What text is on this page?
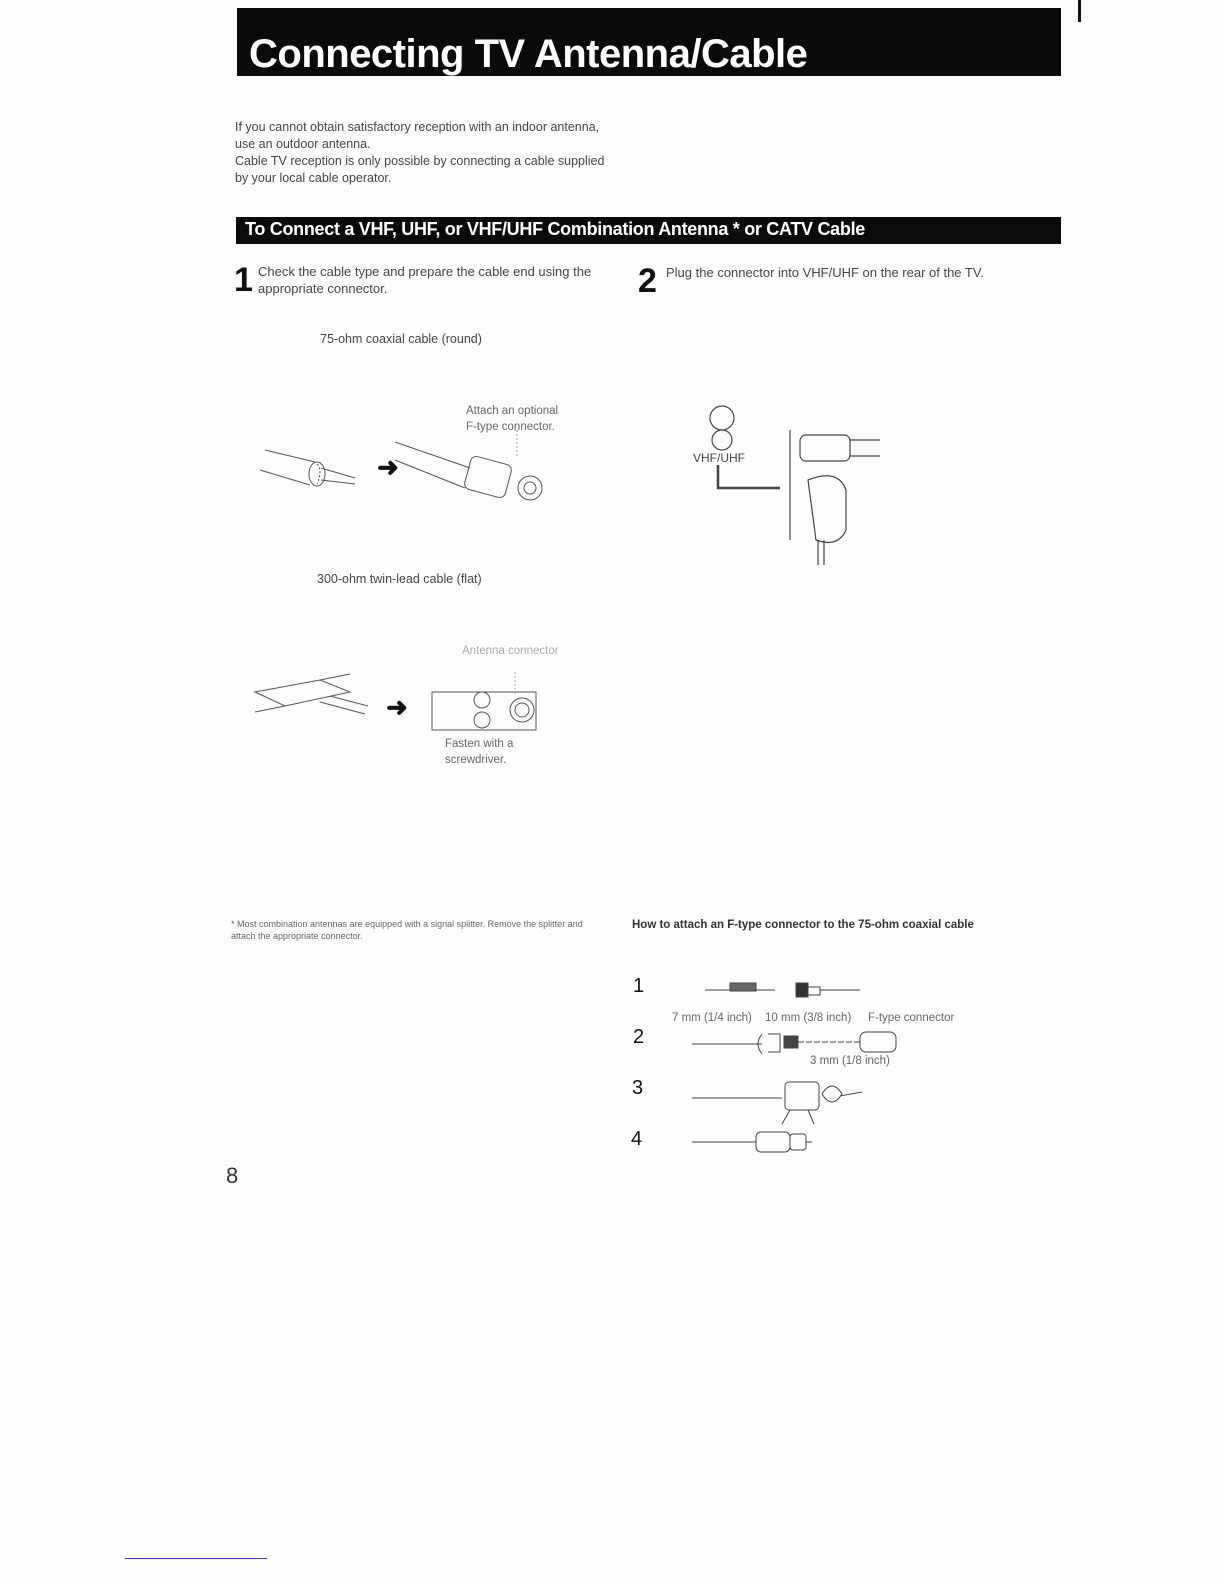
Connecting TV Antenna/Cable

If you cannot obtain satisfactory reception with an indoor antenna, use an outdoor antenna.

Cable TV reception is only possible by connecting a cable supplied by your local cable operator.

To Connect a VHF, UHF, or VHF/UHF Combination Antenna * or CATV Cable
1 Check the cable type and prepare the cable end using the appropriate connector.	2 Plug the connector into VHF/UHF on the rear of the TV.
75-ohm coaxial cable (round)
Attach an optional
F-type connector.
➜
300-ohm twin-lead cable (flat)
Antenna connector
➜
Fasten with a
screwdriver.
VHF/UHF
* Most combination antennas are equipped with a signal splitter. Remove the splitter and attach the appropriate connector.
How to attach an F-type connector to the 75-ohm coaxial cable
1
2
3
4
7 mm (1/4 inch) 10 mm (3/8 inch) F-type connector
3 mm (1/8 inch)
8
